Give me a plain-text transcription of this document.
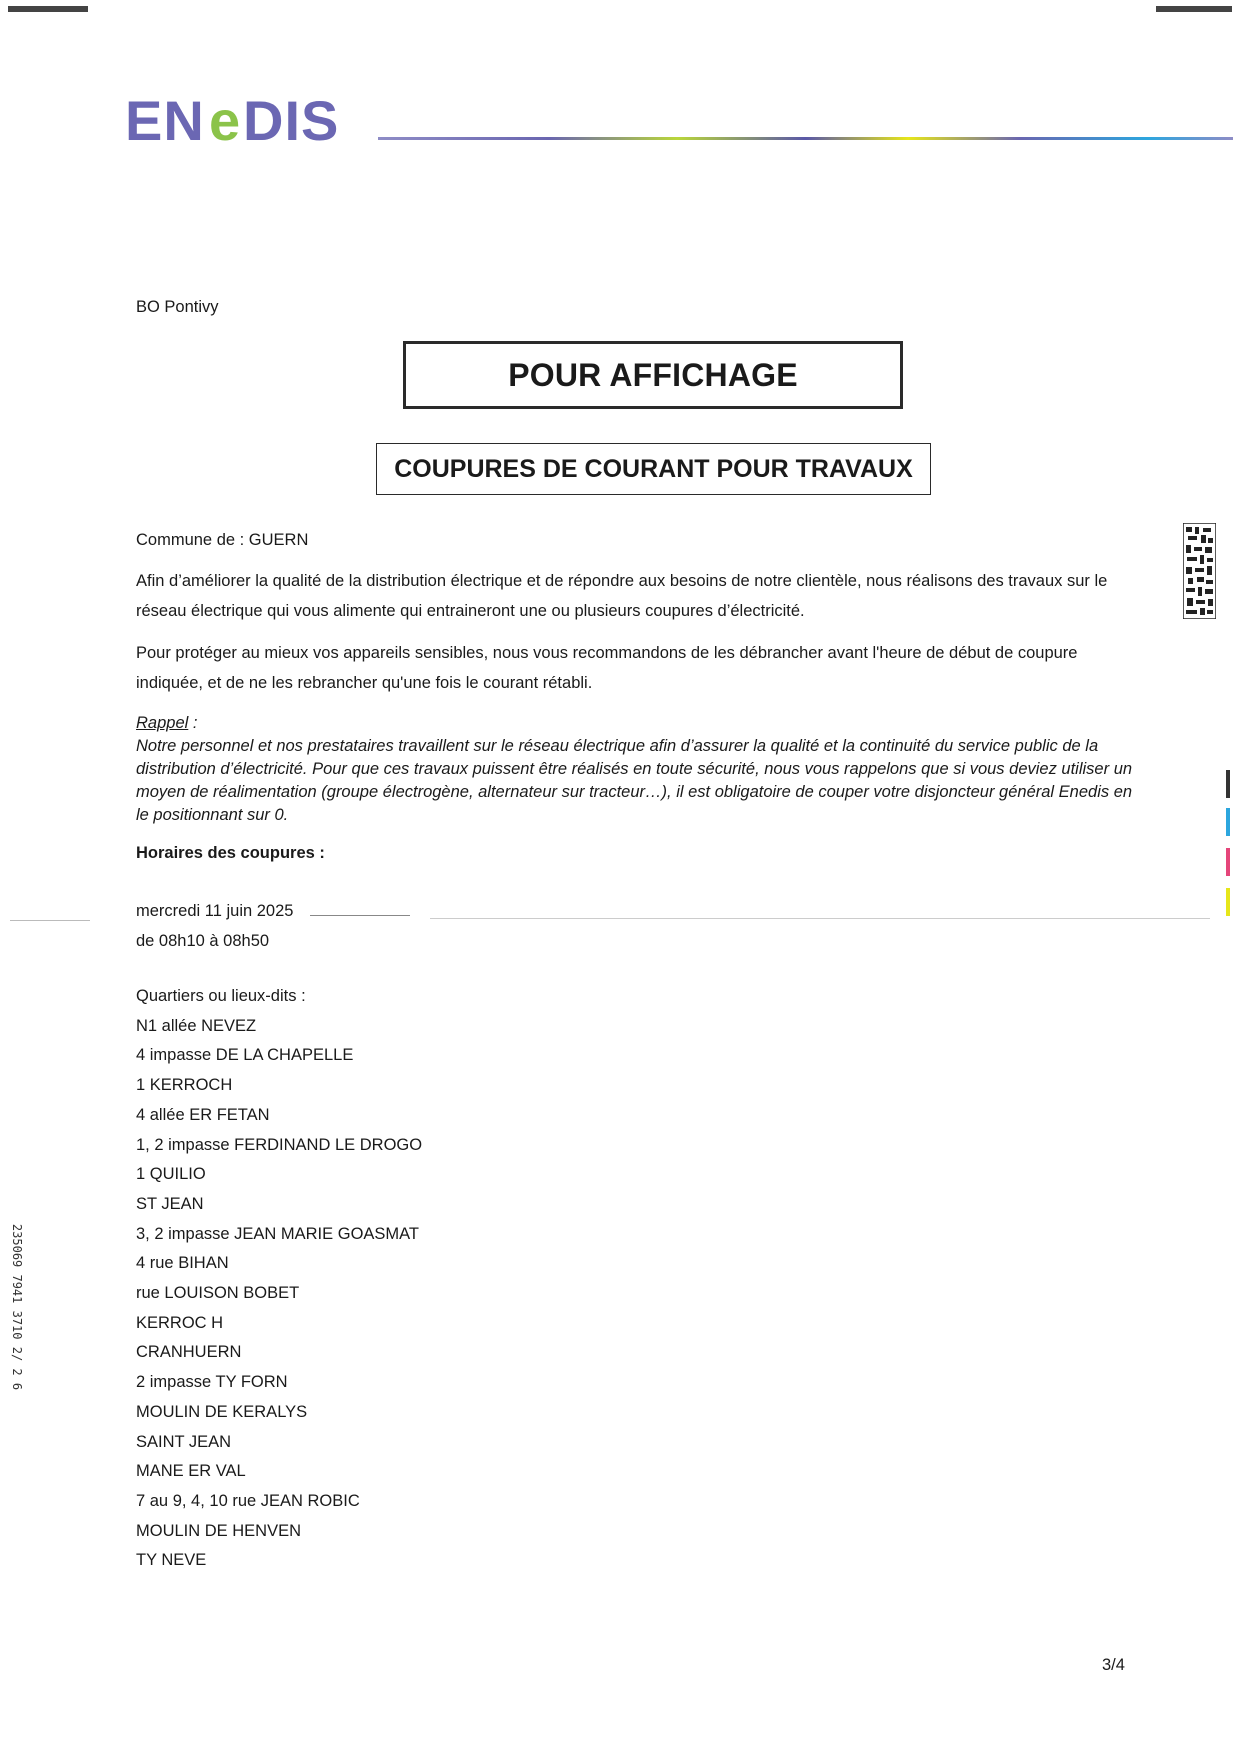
EN e DIS
BO Pontivy
POUR AFFICHAGE
COUPURES DE COURANT POUR TRAVAUX
Commune de : GUERN
Afin d’améliorer la qualité de la distribution électrique et de répondre aux besoins de notre clientèle, nous réalisons des travaux sur le réseau électrique qui vous alimente qui entraineront une ou plusieurs coupures d’électricité.
Pour protéger au mieux vos appareils sensibles, nous vous recommandons de les débrancher avant l'heure de début de coupure indiquée, et de ne les rebrancher qu'une fois le courant rétabli.
Rappel :
Notre personnel et nos prestataires travaillent sur le réseau électrique afin d’assurer la qualité et la continuité du service public de la distribution d’électricité. Pour que ces travaux puissent être réalisés en toute sécurité, nous vous rappelons que si vous deviez utiliser un moyen de réalimentation (groupe électrogène, alternateur sur tracteur…), il est obligatoire de couper votre disjoncteur général Enedis en le positionnant sur 0.
Horaires des coupures :
mercredi 11 juin 2025
de 08h10 à 08h50
Quartiers ou lieux-dits :
N1 allée NEVEZ
4 impasse DE LA CHAPELLE
1 KERROCH
4 allée ER FETAN
1, 2 impasse FERDINAND LE DROGO
1 QUILIO
ST JEAN
3, 2 impasse JEAN MARIE GOASMAT
4 rue BIHAN
rue LOUISON BOBET
KERROC H
CRANHUERN
2 impasse TY FORN
MOULIN DE KERALYS
SAINT JEAN
MANE ER VAL
7 au 9, 4, 10 rue JEAN ROBIC
MOULIN DE HENVEN
TY NEVE
3/4
235069 7941 3710 2/ 2 6
